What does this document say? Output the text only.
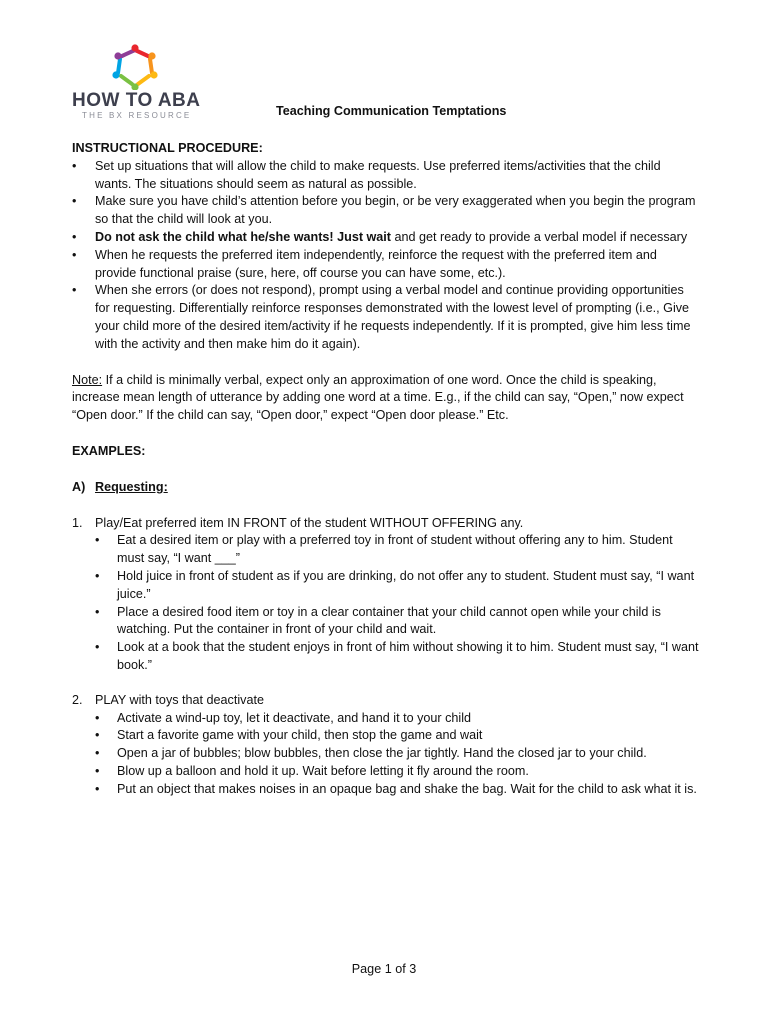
HOW TO ABA
THE BX RESOURCE	Teaching Communication Temptations

INSTRUCTIONAL PROCEDURE:

• Set up situations that will allow the child to make requests. Use preferred items/activities that the child wants. The situations should seem as natural as possible.
• Make sure you have child’s attention before you begin, or be very exaggerated when you begin the program so that the child will look at you.
• Do not ask the child what he/she wants! Just wait and get ready to provide a verbal model if necessary
• When he requests the preferred item independently, reinforce the request with the preferred item and provide functional praise (sure, here, off course you can have some, etc.).
• When she errors (or does not respond), prompt using a verbal model and continue providing opportunities for requesting. Differentially reinforce responses demonstrated with the lowest level of prompting (i.e., Give your child more of the desired item/activity if he requests independently. If it is prompted, give him less time with the activity and then make him do it again).

Note: If a child is minimally verbal, expect only an approximation of one word. Once the child is speaking, increase mean length of utterance by adding one word at a time. E.g., if the child can say, “Open,” now expect “Open door.” If the child can say, “Open door,” expect “Open door please.” Etc.

EXAMPLES:

A) Requesting:
1. Play/Eat preferred item IN FRONT of the student WITHOUT OFFERING any.
• Eat a desired item or play with a preferred toy in front of student without offering any to him. Student must say, “I want ___”
• Hold juice in front of student as if you are drinking, do not offer any to student. Student must say, “I want juice.”
• Place a desired food item or toy in a clear container that your child cannot open while your child is watching. Put the container in front of your child and wait.
• Look at a book that the student enjoys in front of him without showing it to him. Student must say, “I want book.”
2. PLAY with toys that deactivate
• Activate a wind-up toy, let it deactivate, and hand it to your child
• Start a favorite game with your child, then stop the game and wait
• Open a jar of bubbles; blow bubbles, then close the jar tightly. Hand the closed jar to your child.
• Blow up a balloon and hold it up. Wait before letting it fly around the room.
• Put an object that makes noises in an opaque bag and shake the bag. Wait for the child to ask what it is.
Page 1 of 3
